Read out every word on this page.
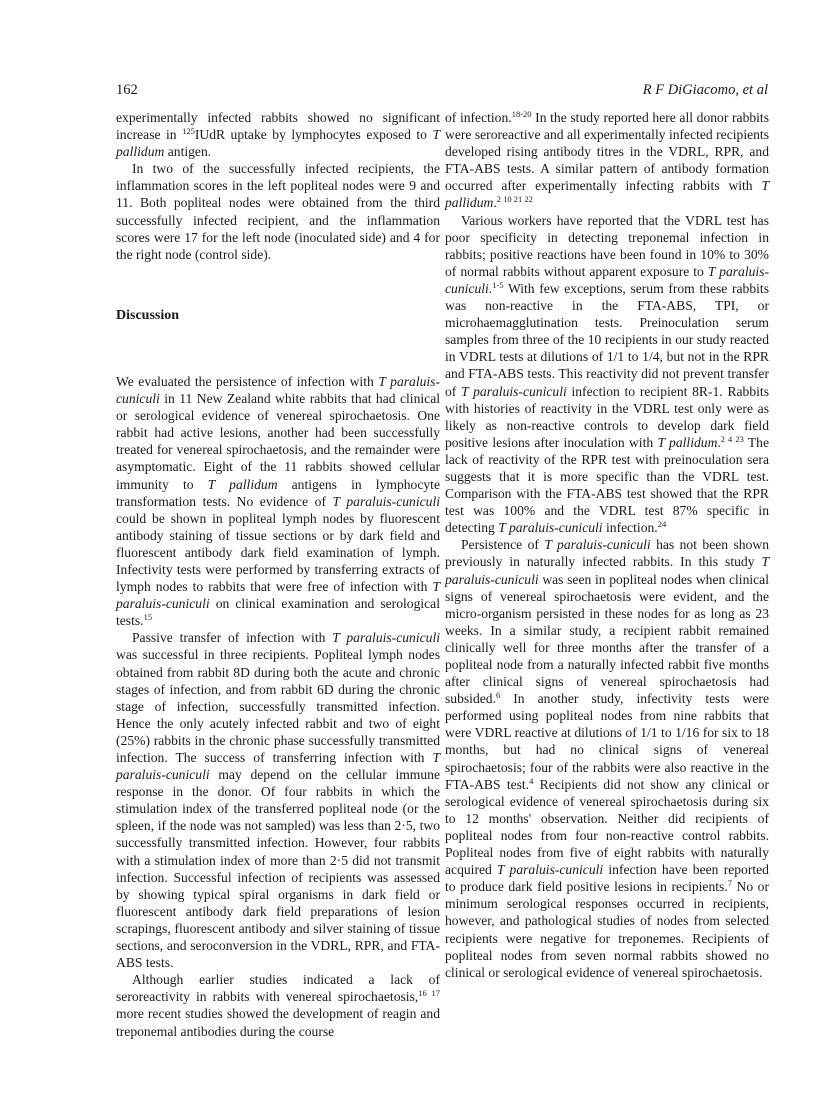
162	R F DiGiacomo, et al

experimentally infected rabbits showed no significant increase in $^{125}$IUdR uptake by lymphocytes exposed to T pallidum antigen.

In two of the successfully infected recipients, the inflammation scores in the left popliteal nodes were 9 and 11. Both popliteal nodes were obtained from the third successfully infected recipient, and the inflammation scores were 17 for the left node (inoculated side) and 4 for the right node (control side).

Discussion

We evaluated the persistence of infection with T paraluis-cuniculi in 11 New Zealand white rabbits that had clinical or serological evidence of venereal spirochaetosis. One rabbit had active lesions, another had been successfully treated for venereal spirochaetosis, and the remainder were asymptomatic. Eight of the 11 rabbits showed cellular immunity to T pallidum antigens in lymphocyte transformation tests. No evidence of T paraluis-cuniculi could be shown in popliteal lymph nodes by fluorescent antibody staining of tissue sections or by dark field and fluorescent antibody dark field examination of lymph. Infectivity tests were performed by transferring extracts of lymph nodes to rabbits that were free of infection with T paraluis-cuniculi on clinical examination and serological tests.$^{15}$

Passive transfer of infection with T paraluis-cuniculi was successful in three recipients. Popliteal lymph nodes obtained from rabbit 8D during both the acute and chronic stages of infection, and from rabbit 6D during the chronic stage of infection, successfully transmitted infection. Hence the only acutely infected rabbit and two of eight (25%) rabbits in the chronic phase successfully transmitted infection. The success of transferring infection with T paraluis-cuniculi may depend on the cellular immune response in the donor. Of four rabbits in which the stimulation index of the transferred popliteal node (or the spleen, if the node was not sampled) was less than 2·5, two successfully transmitted infection. However, four rabbits with a stimulation index of more than 2·5 did not transmit infection. Successful infection of recipients was assessed by showing typical spiral organisms in dark field or fluorescent antibody dark field preparations of lesion scrapings, fluorescent antibody and silver staining of tissue sections, and seroconversion in the VDRL, RPR, and FTA-ABS tests.

Although earlier studies indicated a lack of seroreactivity in rabbits with venereal spirochaetosis,$^{16 17}$ more recent studies showed the development of reagin and treponemal antibodies during the course

of infection.$^{18-20}$ In the study reported here all donor rabbits were seroreactive and all experimentally infected recipients developed rising antibody titres in the VDRL, RPR, and FTA-ABS tests. A similar pattern of antibody formation occurred after experimentally infecting rabbits with T pallidum.$^{2 10 21 22}$

Various workers have reported that the VDRL test has poor specificity in detecting treponemal infection in rabbits; positive reactions have been found in 10% to 30% of normal rabbits without apparent exposure to T paraluis-cuniculi.$^{1-5}$ With few exceptions, serum from these rabbits was non-reactive in the FTA-ABS, TPI, or microhaemagglutination tests. Preinoculation serum samples from three of the 10 recipients in our study reacted in VDRL tests at dilutions of 1/1 to 1/4, but not in the RPR and FTA-ABS tests. This reactivity did not prevent transfer of T paraluis-cuniculi infection to recipient 8R-1. Rabbits with histories of reactivity in the VDRL test only were as likely as non-reactive controls to develop dark field positive lesions after inoculation with T pallidum.$^{2 4 23}$ The lack of reactivity of the RPR test with preinoculation sera suggests that it is more specific than the VDRL test. Comparison with the FTA-ABS test showed that the RPR test was 100% and the VDRL test 87% specific in detecting T paraluis-cuniculi infection.$^{24}$

Persistence of T paraluis-cuniculi has not been shown previously in naturally infected rabbits. In this study T paraluis-cuniculi was seen in popliteal nodes when clinical signs of venereal spirochaetosis were evident, and the micro-organism persisted in these nodes for as long as 23 weeks. In a similar study, a recipient rabbit remained clinically well for three months after the transfer of a popliteal node from a naturally infected rabbit five months after clinical signs of venereal spirochaetosis had subsided.$^6$ In another study, infectivity tests were performed using popliteal nodes from nine rabbits that were VDRL reactive at dilutions of 1/1 to 1/16 for six to 18 months, but had no clinical signs of venereal spirochaetosis; four of the rabbits were also reactive in the FTA-ABS test.$^4$ Recipients did not show any clinical or serological evidence of venereal spirochaetosis during six to 12 months' observation. Neither did recipients of popliteal nodes from four non-reactive control rabbits. Popliteal nodes from five of eight rabbits with naturally acquired T paraluis-cuniculi infection have been reported to produce dark field positive lesions in recipients.$^7$ No or minimum serological responses occurred in recipients, however, and pathological studies of nodes from selected recipients were negative for treponemes. Recipients of popliteal nodes from seven normal rabbits showed no clinical or serological evidence of venereal spirochaetosis.
